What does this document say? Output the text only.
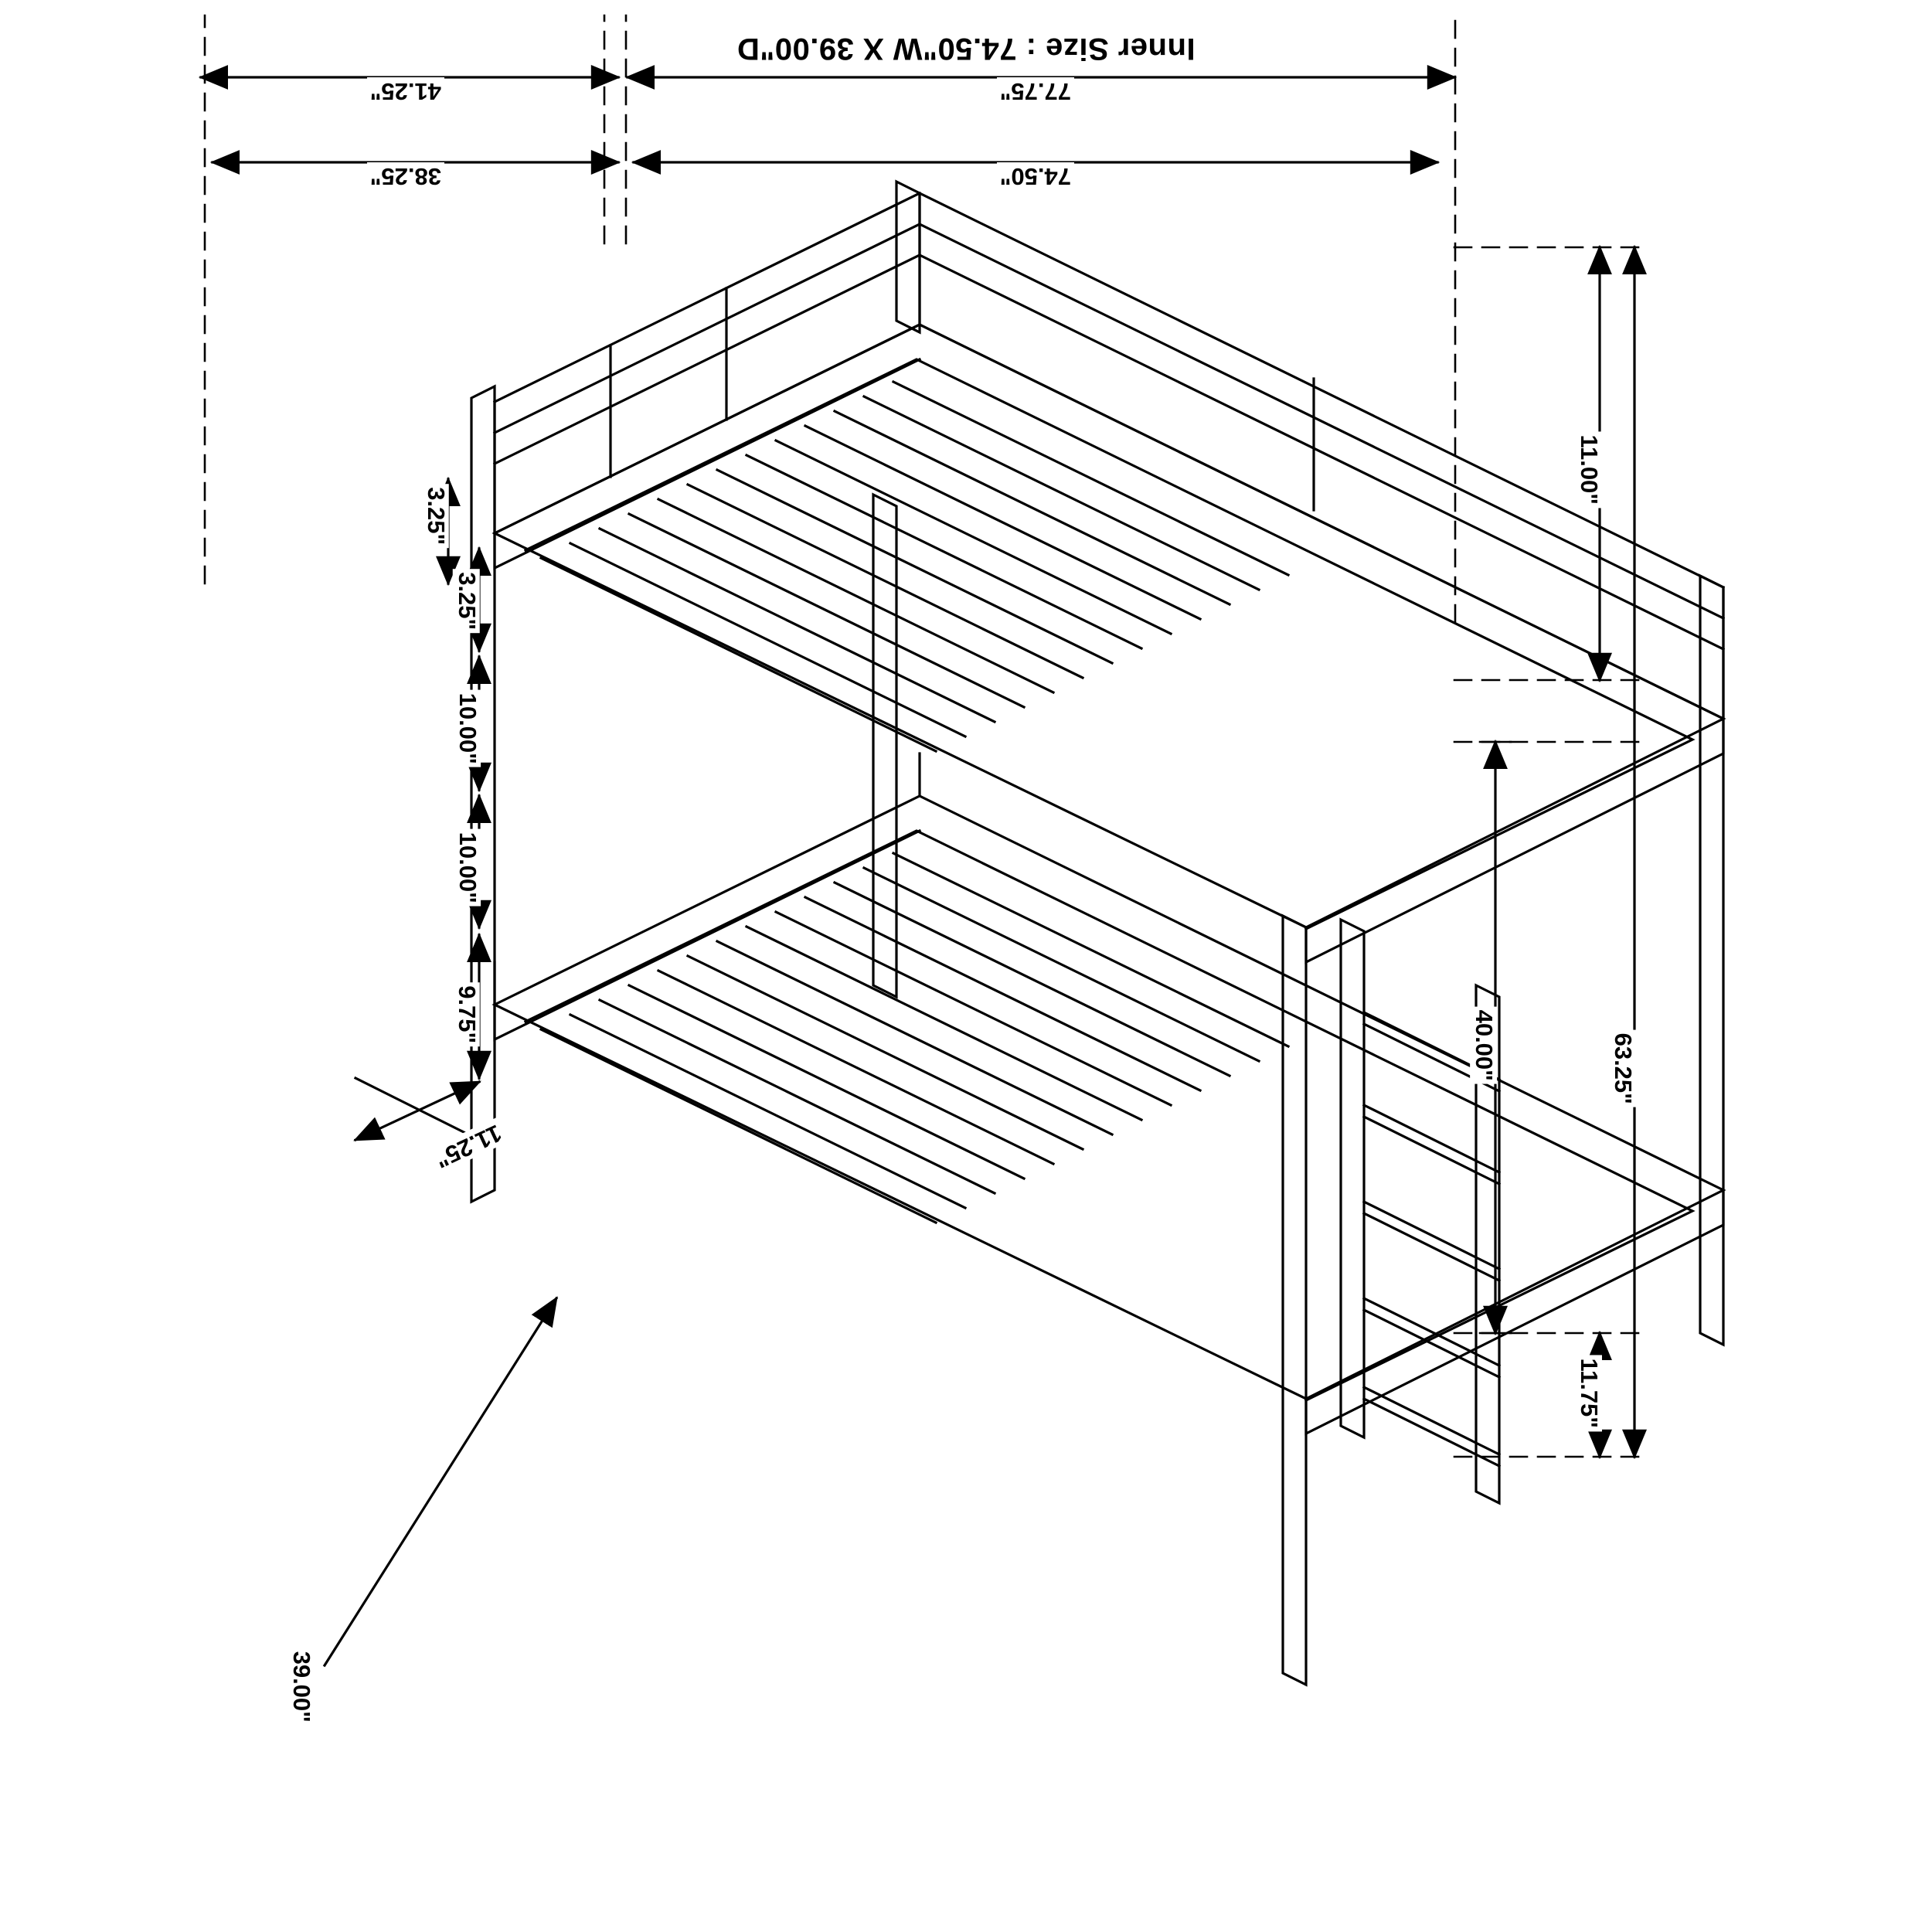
Inner Size : 74.50"W X 39.00"D
11.75"
40.00"
11.00"
63.25"
39.00"
11.25"
9.75"
10.00"
10.00"
3.25"
3.25"
74.50"
38.25"
77.75"
41.25"
